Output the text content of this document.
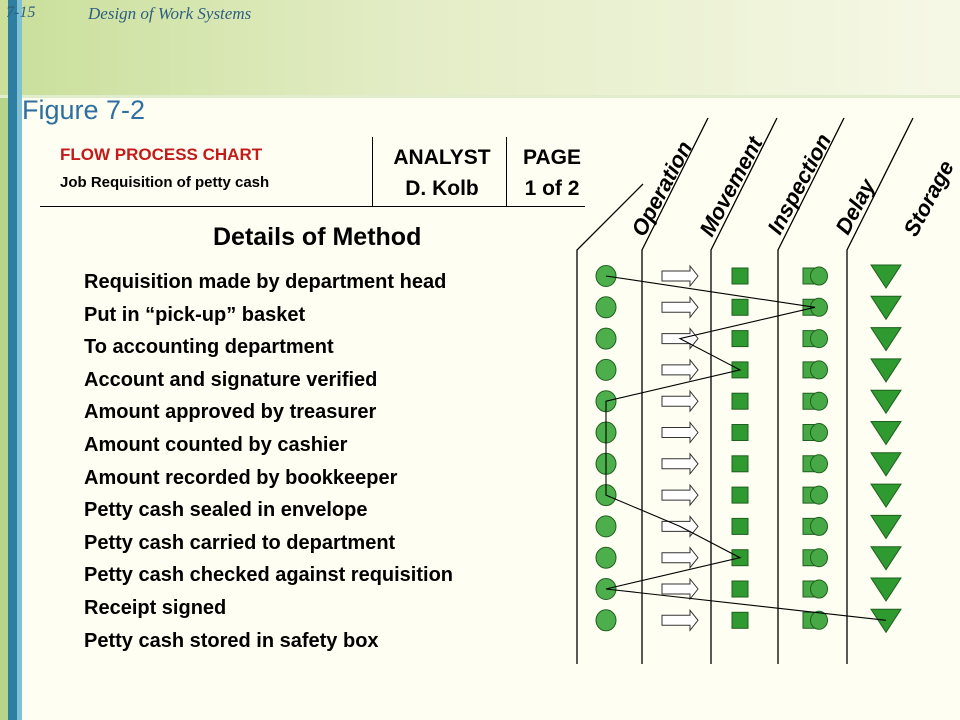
7-15	Design of Work Systems
Figure 7-2
FLOW PROCESS CHART
Job Requisition of petty cash
ANALYST
D. Kolb
PAGE
1 of 2
Details of Method
Requisition made by department head
Put in “pick-up” basket
To accounting department
Account and signature verified
Amount approved by treasurer
Amount counted by cashier
Amount recorded by bookkeeper
Petty cash sealed in envelope
Petty cash carried to department
Petty cash checked against requisition
Receipt signed
Petty cash stored in safety box
Operation
Movement
Inspection
Delay Storage
